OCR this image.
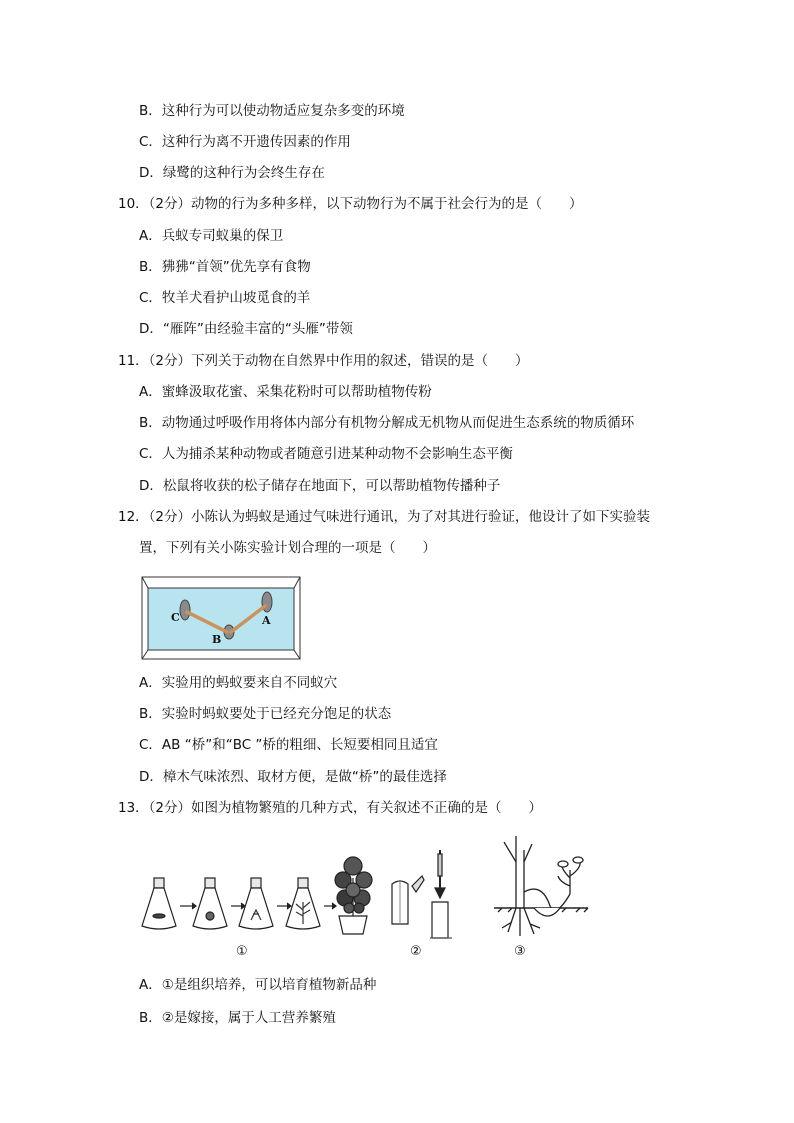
B．这种行为可以使动物适应复杂多变的环境
C．这种行为离不开遗传因素的作用
D．绿鹭的这种行为会终生存在
10．（2分）动物的行为多种多样，以下动物行为不属于社会行为的是（　　）
A．兵蚁专司蚁巢的保卫
B．狒狒“首领”优先享有食物
C．牧羊犬看护山坡觅食的羊
D．“雁阵”由经验丰富的“头雁”带领
11．（2分）下列关于动物在自然界中作用的叙述，错误的是（　　）
A．蜜蜂汲取花蜜、采集花粉时可以帮助植物传粉
B．动物通过呼吸作用将体内部分有机物分解成无机物从而促进生态系统的物质循环
C．人为捕杀某种动物或者随意引进某种动物不会影响生态平衡
D．松鼠将收获的松子储存在地面下，可以帮助植物传播种子
12．（2分）小陈认为蚂蚁是通过气味进行通讯，为了对其进行验证，他设计了如下实验装
置，下列有关小陈实验计划合理的一项是（　　）
C
B
A
A．实验用的蚂蚁要来自不同蚁穴
B．实验时蚂蚁要处于已经充分饱足的状态
C．AB “桥”和“BC ”桥的粗细、长短要相同且适宜
D．樟木气味浓烈、取材方便，是做“桥”的最佳选择
13．（2分）如图为植物繁殖的几种方式，有关叙述不正确的是（　　）
①	②	③
A．①是组织培养，可以培育植物新品种
B．②是嫁接，属于人工营养繁殖
